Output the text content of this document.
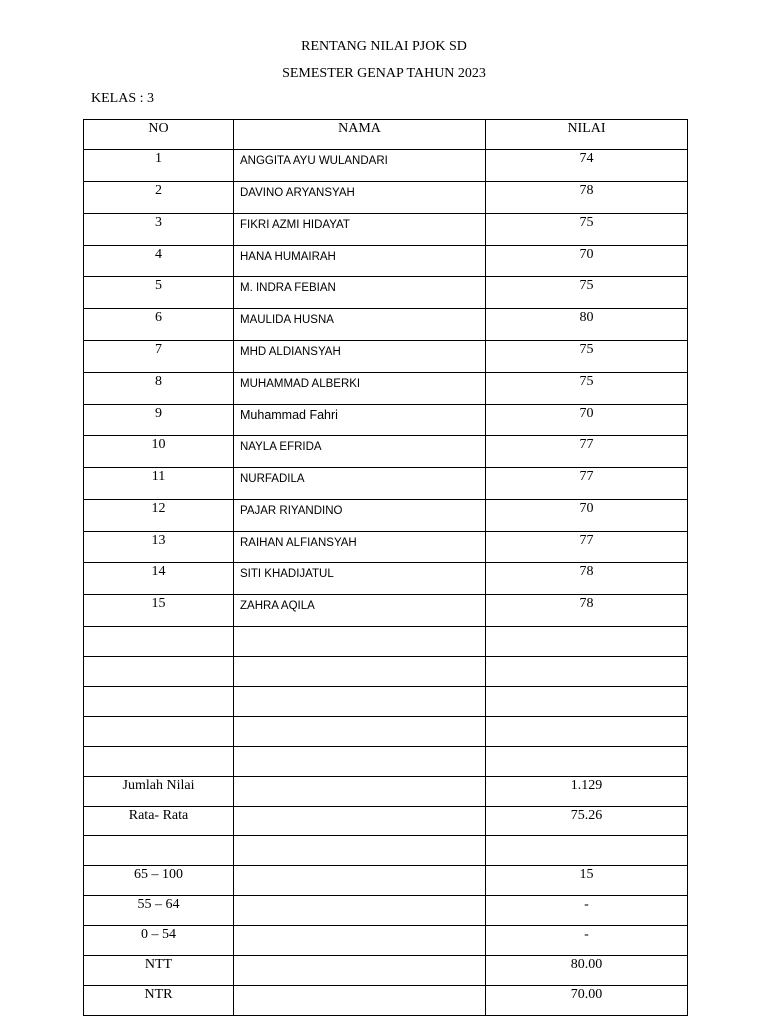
RENTANG NILAI PJOK SD
SEMESTER GENAP TAHUN 2023
KELAS : 3
NO	NAMA	NILAI
1	ANGGITA AYU WULANDARI	74
2	DAVINO ARYANSYAH	78
3	FIKRI AZMI HIDAYAT	75
4	HANA HUMAIRAH	70
5	M. INDRA FEBIAN	75
6	MAULIDA HUSNA	80
7	MHD ALDIANSYAH	75
8	MUHAMMAD ALBERKI	75
9	Muhammad Fahri	70
10	NAYLA EFRIDA	77
11	NURFADILA	77
12	PAJAR RIYANDINO	70
13	RAIHAN ALFIANSYAH	77
14	SITI KHADIJATUL	78
15	ZAHRA AQILA	78

Jumlah Nilai		1.129
Rata- Rata		75.26

65 – 100		15
55 – 64		-
0 – 54		-
NTT		80.00
NTR		70.00
